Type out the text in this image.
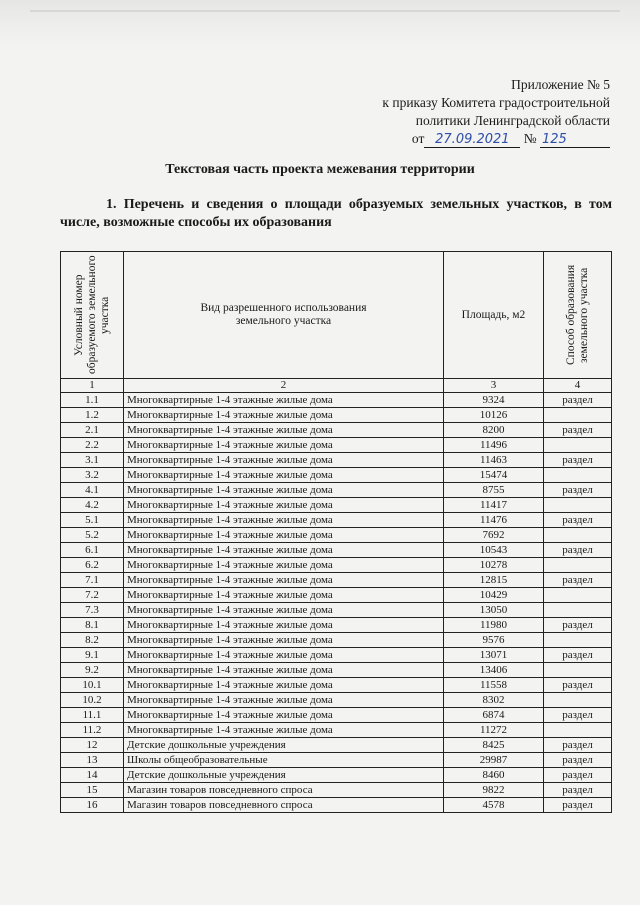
Приложение № 5
к приказу Комитета градостроительной
политики Ленинградской области
от 27.09.2021 № 125
Текстовая часть проекта межевания территории
1. Перечень и сведения о площади образуемых земельных участков, в том числе, возможные способы их образования
Условный номер образуемого земельного участка	Вид разрешенного использования земельного участка	Площадь, м2	Способ образования земельного участка

1	2	3	4
1.1	Многоквартирные 1-4 этажные жилые дома	9324	раздел
1.2	Многоквартирные 1-4 этажные жилые дома	10126	
2.1	Многоквартирные 1-4 этажные жилые дома	8200	раздел
2.2	Многоквартирные 1-4 этажные жилые дома	11496	
3.1	Многоквартирные 1-4 этажные жилые дома	11463	раздел
3.2	Многоквартирные 1-4 этажные жилые дома	15474	
4.1	Многоквартирные 1-4 этажные жилые дома	8755	раздел
4.2	Многоквартирные 1-4 этажные жилые дома	11417	
5.1	Многоквартирные 1-4 этажные жилые дома	11476	раздел
5.2	Многоквартирные 1-4 этажные жилые дома	7692	
6.1	Многоквартирные 1-4 этажные жилые дома	10543	раздел
6.2	Многоквартирные 1-4 этажные жилые дома	10278	
7.1	Многоквартирные 1-4 этажные жилые дома	12815	раздел
7.2	Многоквартирные 1-4 этажные жилые дома	10429	
7.3	Многоквартирные 1-4 этажные жилые дома	13050	
8.1	Многоквартирные 1-4 этажные жилые дома	11980	раздел
8.2	Многоквартирные 1-4 этажные жилые дома	9576	
9.1	Многоквартирные 1-4 этажные жилые дома	13071	раздел
9.2	Многоквартирные 1-4 этажные жилые дома	13406	
10.1	Многоквартирные 1-4 этажные жилые дома	11558	раздел
10.2	Многоквартирные 1-4 этажные жилые дома	8302	
11.1	Многоквартирные 1-4 этажные жилые дома	6874	раздел
11.2	Многоквартирные 1-4 этажные жилые дома	11272	
12	Детские дошкольные учреждения	8425	раздел
13	Школы общеобразовательные	29987	раздел
14	Детские дошкольные учреждения	8460	раздел
15	Магазин товаров повседневного спроса	9822	раздел
16	Магазин товаров повседневного спроса	4578	раздел
